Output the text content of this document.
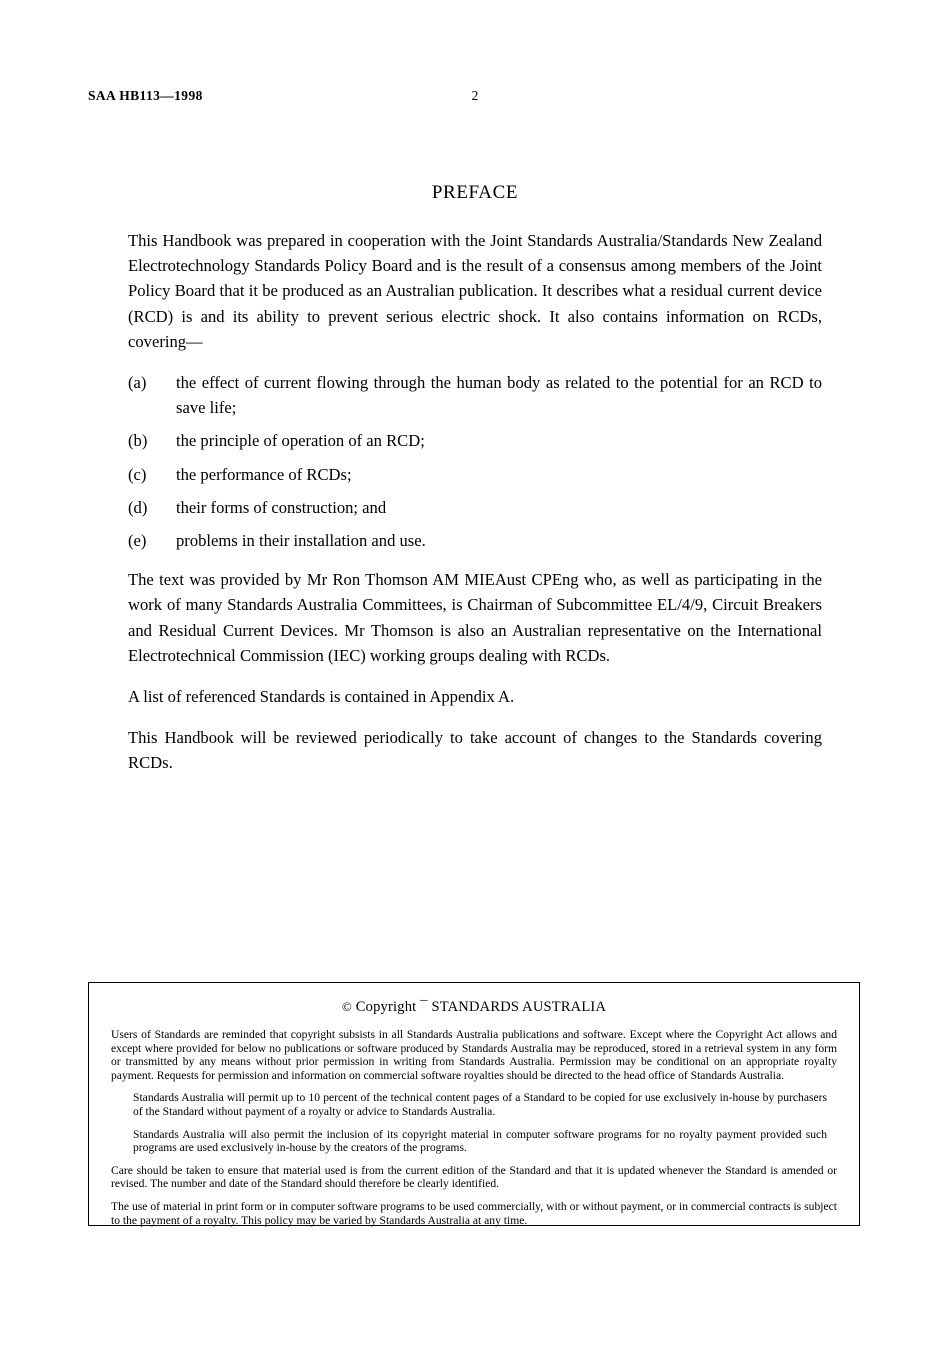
SAA HB113—1998	2
PREFACE

This Handbook was prepared in cooperation with the Joint Standards Australia/Standards New Zealand Electrotechnology Standards Policy Board and is the result of a consensus among members of the Joint Policy Board that it be produced as an Australian publication. It describes what a residual current device (RCD) is and its ability to prevent serious electric shock. It also contains information on RCDs, covering—

(a)	the effect of current flowing through the human body as related to the potential for an RCD to save life;
(b)	the principle of operation of an RCD;
(c)	the performance of RCDs;
(d)	their forms of construction; and
(e)	problems in their installation and use.

The text was provided by Mr Ron Thomson AM MIEAust CPEng who, as well as participating in the work of many Standards Australia Committees, is Chairman of Subcommittee EL/4/9, Circuit Breakers and Residual Current Devices. Mr Thomson is also an Australian representative on the International Electrotechnical Commission (IEC) working groups dealing with RCDs.

A list of referenced Standards is contained in Appendix A.

This Handbook will be reviewed periodically to take account of changes to the Standards covering RCDs.

© Copyright ¯ STANDARDS AUSTRALIA

Users of Standards are reminded that copyright subsists in all Standards Australia publications and software. Except where the Copyright Act allows and except where provided for below no publications or software produced by Standards Australia may be reproduced, stored in a retrieval system in any form or transmitted by any means without prior permission in writing from Standards Australia. Permission may be conditional on an appropriate royalty payment. Requests for permission and information on commercial software royalties should be directed to the head office of Standards Australia.

Standards Australia will permit up to 10 percent of the technical content pages of a Standard to be copied for use exclusively in-house by purchasers of the Standard without payment of a royalty or advice to Standards Australia.

Standards Australia will also permit the inclusion of its copyright material in computer software programs for no royalty payment provided such programs are used exclusively in-house by the creators of the programs.

Care should be taken to ensure that material used is from the current edition of the Standard and that it is updated whenever the Standard is amended or revised. The number and date of the Standard should therefore be clearly identified.

The use of material in print form or in computer software programs to be used commercially, with or without payment, or in commercial contracts is subject to the payment of a royalty. This policy may be varied by Standards Australia at any time.
